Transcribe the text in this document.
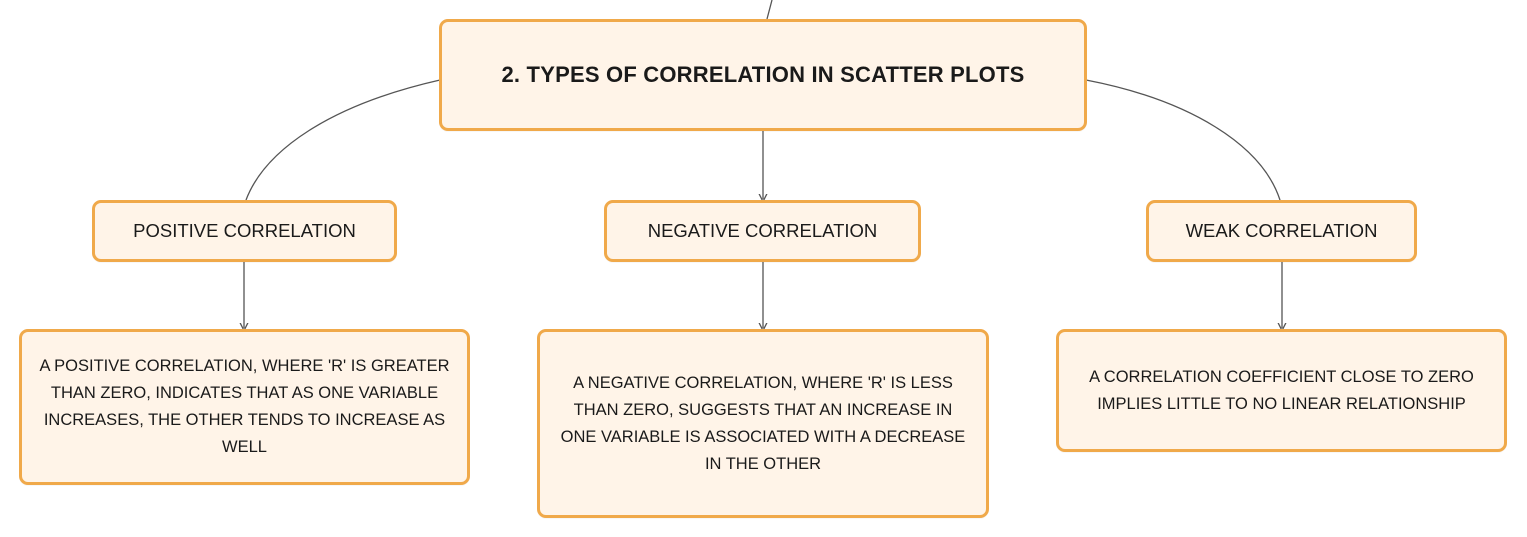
2. TYPES OF CORRELATION IN SCATTER PLOTS
POSITIVE CORRELATION	NEGATIVE CORRELATION	WEAK CORRELATION
A POSITIVE CORRELATION, WHERE 'R' IS GREATER THAN ZERO, INDICATES THAT AS ONE VARIABLE INCREASES, THE OTHER TENDS TO INCREASE AS WELL
A NEGATIVE CORRELATION, WHERE 'R' IS LESS THAN ZERO, SUGGESTS THAT AN INCREASE IN ONE VARIABLE IS ASSOCIATED WITH A DECREASE IN THE OTHER
A CORRELATION COEFFICIENT CLOSE TO ZERO IMPLIES LITTLE TO NO LINEAR RELATIONSHIP
